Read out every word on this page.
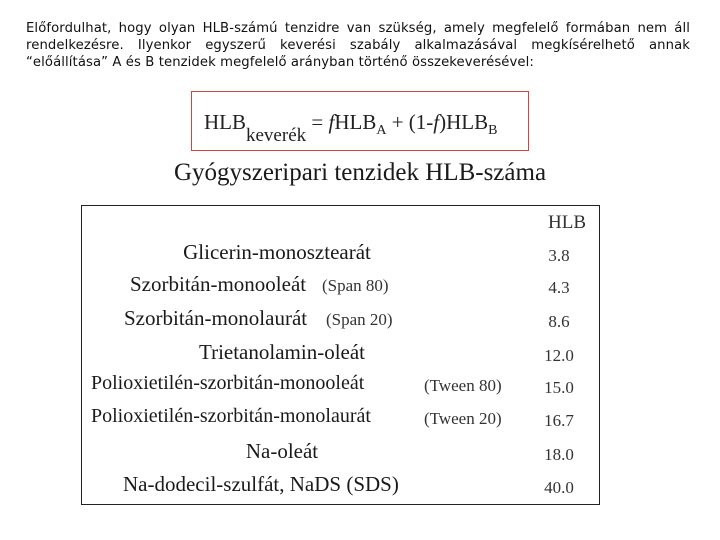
Előfordulhat, hogy olyan HLB-számú tenzidre van szükség, amely megfelelő formában nem áll rendelkezésre. Ilyenkor egyszerű keverési szabály alkalmazásával megkísérelhető annak “előállítása” A és B tenzidek megfelelő arányban történő összekeverésével:
HLBkeverék = fHLB$_A$ + $(1-f)HLB_B$
Gyógyszeripari tenzidek HLB-száma
HLB
Glicerin-monosztearát	3.8
Szorbitán-monooleát (Span 80)	4.3
Szorbitán-monolaurát (Span 20)	8.6
Trietanolamin-oleát	12.0
Polioxietilén-szorbitán-monooleát	(Tween 80)	15.0
Polioxietilén-szorbitán-monolaurát	(Tween 20)	16.7
Na-oleát	18.0
Na-dodecil-szulfát, NaDS (SDS)	40.0
